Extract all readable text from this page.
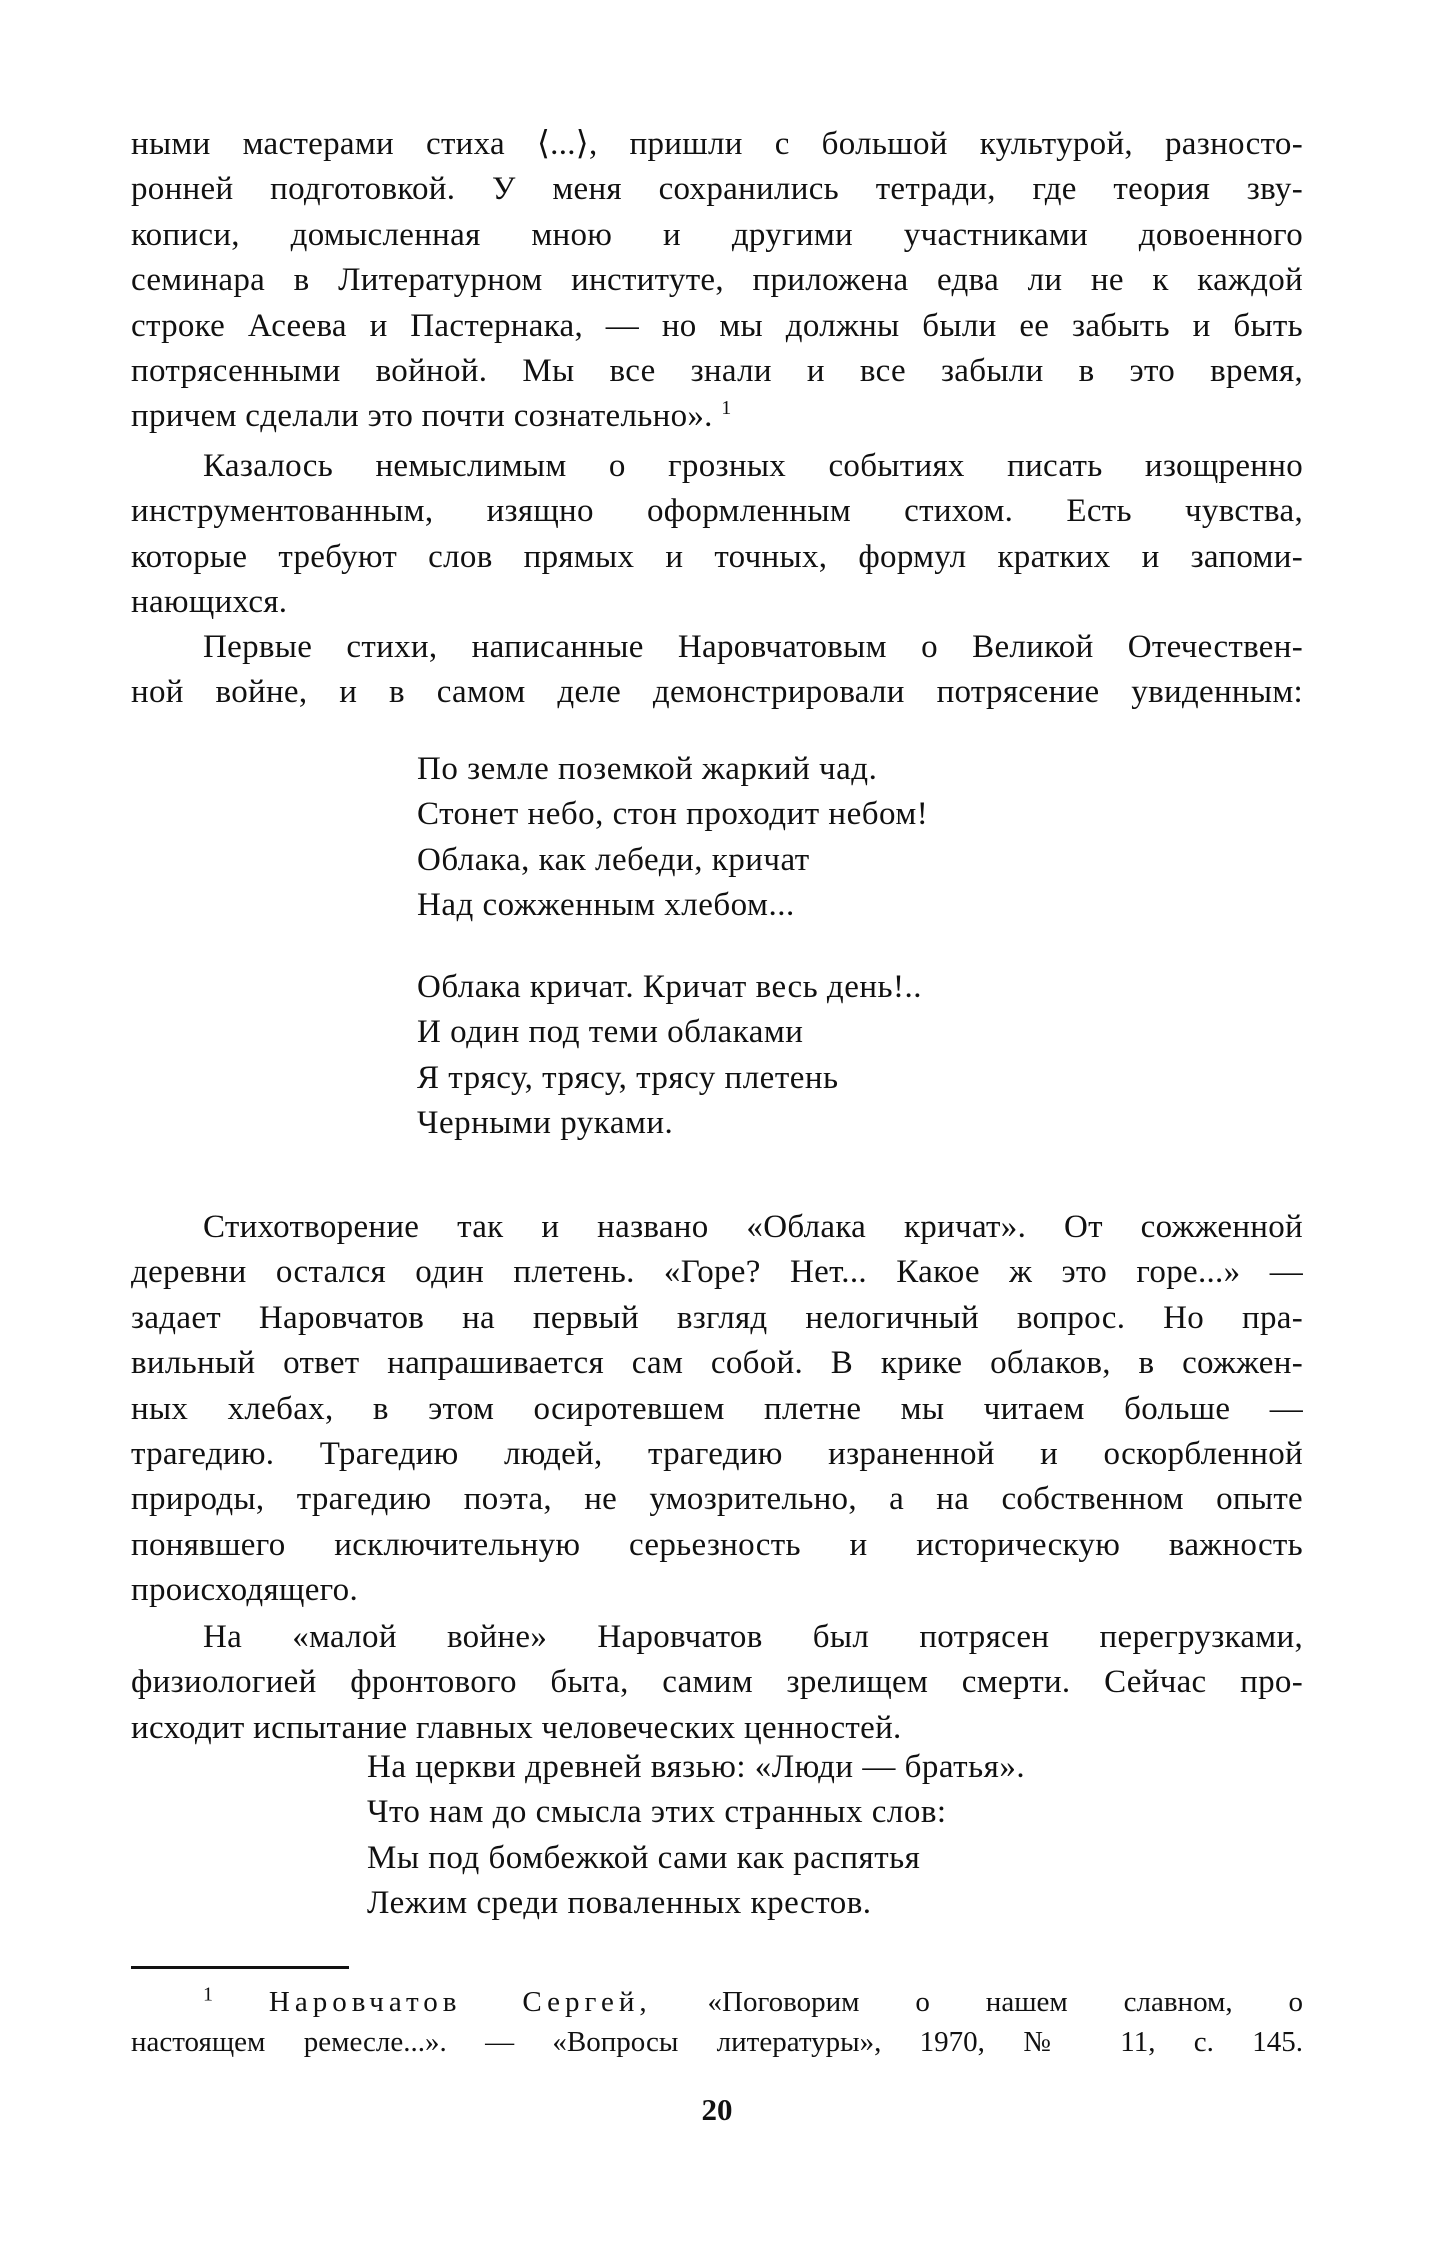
ными мастерами стиха ⟨...⟩, пришли с большой культурой, разносто-
ронней подготовкой. У меня сохранились тетради, где теория зву-
кописи, домысленная мною и другими участниками довоенного
семинара в Литературном институте, приложена едва ли не к каждой
строке Асеева и Пастернака, — но мы должны были ее забыть и быть
потрясенными войной. Мы все знали и все забыли в это время,
причем сделали это почти сознательно». $^1$
Казалось немыслимым о грозных событиях писать изощренно
инструментованным, изящно оформленным стихом. Есть чувства,
которые требуют слов прямых и точных, формул кратких и запоми-
нающихся.
Первые стихи, написанные Наровчатовым о Великой Отечествен-
ной войне, и в самом деле демонстрировали потрясение увиденным:
По земле поземкой жаркий чад.
Стонет небо, стон проходит небом!
Облака, как лебеди, кричат
Над сожженным хлебом...
Облака кричат. Кричат весь день!..
И один под теми облаками
Я трясу, трясу, трясу плетень
Черными руками.
Стихотворение так и названо «Облака кричат». От сожженной
деревни остался один плетень. «Горе? Нет... Какое ж это горе...» —
задает Наровчатов на первый взгляд нелогичный вопрос. Но пра-
вильный ответ напрашивается сам собой. В крике облаков, в сожжен-
ных хлебах, в этом осиротевшем плетне мы читаем больше —
трагедию. Трагедию людей, трагедию израненной и оскорбленной
природы, трагедию поэта, не умозрительно, а на собственном опыте
понявшего исключительную серьезность и историческую важность
происходящего.
На «малой войне» Наровчатов был потрясен перегрузками,
физиологией фронтового быта, самим зрелищем смерти. Сейчас про-
исходит испытание главных человеческих ценностей.
На церкви древней вязью: «Люди — братья».
Что нам до смысла этих странных слов:
Мы под бомбежкой сами как распятья
Лежим среди поваленных крестов.
$^1$ Наровчатов Сергей, «Поговорим о нашем славном, о
настоящем ремесле...». — «Вопросы литературы», 1970, № 11, с. 145.
20
